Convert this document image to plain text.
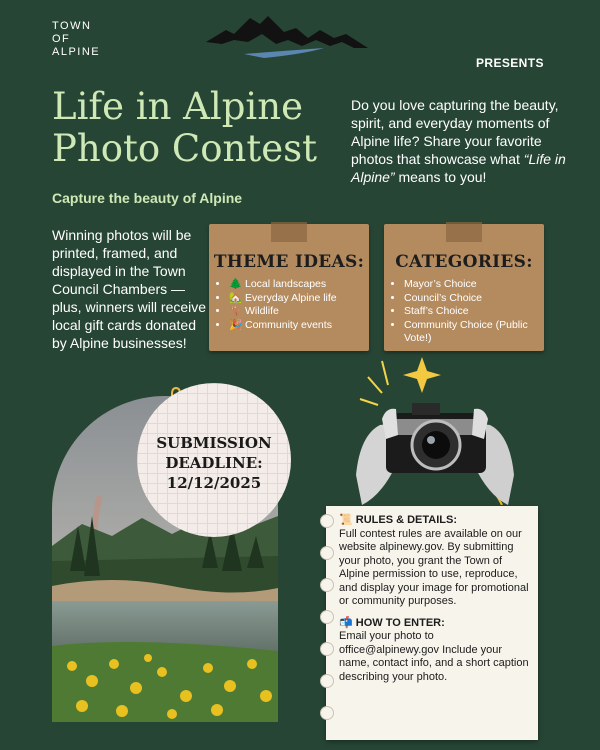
TOWN
OF
ALPINE
PRESENTS
Life in Alpine
Photo Contest
Capture the beauty of Alpine
Do you love capturing the beauty, spirit, and everyday moments of Alpine life? Share your favorite photos that showcase what “Life in Alpine” means to you!
Winning photos will be printed, framed, and displayed in the Town Council Chambers — plus, winners will receive local gift cards donated by Alpine businesses!
THEME IDEAS:
• 🌲 Local landscapes
• 🏡 Everyday Alpine life
• 🦌 Wildlife
• 🎉 Community events
CATEGORIES:
• Mayor’s Choice
• Council’s Choice
• Staff’s Choice
• Community Choice (Public Vote!)
SUBMISSION
DEADLINE:
12/12/2025
📜 RULES & DETAILS:
Full contest rules are available on our website alpinewy.gov. By submitting your photo, you grant the Town of Alpine permission to use, reproduce, and display your image for promotional or community purposes.
📬 HOW TO ENTER:
Email your photo to office@alpinewy.gov Include your name, contact info, and a short caption describing your photo.
